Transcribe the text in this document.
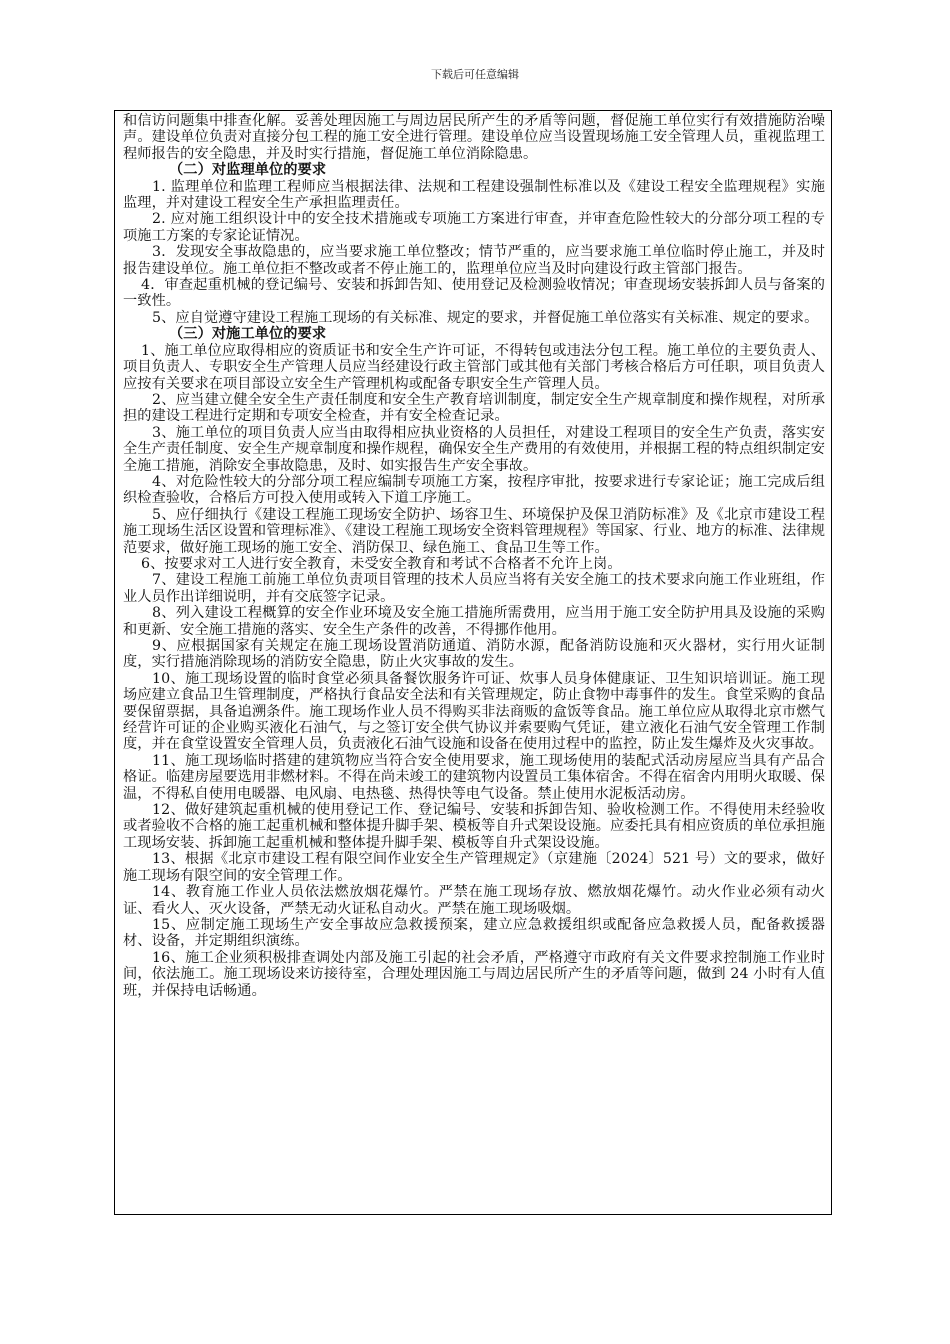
下载后可任意编辑

和信访问题集中排查化解。妥善处理因施工与周边居民所产生的矛盾等问题，督促施工单位实行有效措施防治噪声。建设单位负责对直接分包工程的施工安全进行管理。建设单位应当设置现场施工安全管理人员，重视监理工程师报告的安全隐患，并及时实行措施，督促施工单位消除隐患。

（二）对监理单位的要求

1. 监理单位和监理工程师应当根据法律、法规和工程建设强制性标准以及《建设工程安全监理规程》实施监理，并对建设工程安全生产承担监理责任。

2. 应对施工组织设计中的安全技术措施或专项施工方案进行审查，并审查危险性较大的分部分项工程的专项施工方案的专家论证情况。

3．发现安全事故隐患的，应当要求施工单位整改；情节严重的，应当要求施工单位临时停止施工，并及时报告建设单位。施工单位拒不整改或者不停止施工的，监理单位应当及时向建设行政主管部门报告。

4．审查起重机械的登记编号、安装和拆卸告知、使用登记及检测验收情况；审查现场安装拆卸人员与备案的一致性。

5、应自觉遵守建设工程施工现场的有关标准、规定的要求，并督促施工单位落实有关标准、规定的要求。

（三）对施工单位的要求

1、施工单位应取得相应的资质证书和安全生产许可证，不得转包或违法分包工程。施工单位的主要负责人、项目负责人、专职安全生产管理人员应当经建设行政主管部门或其他有关部门考核合格后方可任职，项目负责人应按有关要求在项目部设立安全生产管理机构或配备专职安全生产管理人员。

2、应当建立健全安全生产责任制度和安全生产教育培训制度，制定安全生产规章制度和操作规程，对所承担的建设工程进行定期和专项安全检查，并有安全检查记录。

3、施工单位的项目负责人应当由取得相应执业资格的人员担任，对建设工程项目的安全生产负责，落实安全生产责任制度、安全生产规章制度和操作规程，确保安全生产费用的有效使用，并根据工程的特点组织制定安全施工措施，消除安全事故隐患，及时、如实报告生产安全事故。

4、对危险性较大的分部分项工程应编制专项施工方案，按程序审批，按要求进行专家论证；施工完成后组织检查验收，合格后方可投入使用或转入下道工序施工。

5、应仔细执行《建设工程施工现场安全防护、场容卫生、环境保护及保卫消防标准》及《北京市建设工程施工现场生活区设置和管理标准》、《建设工程施工现场安全资料管理规程》等国家、行业、地方的标准、法律规范要求，做好施工现场的施工安全、消防保卫、绿色施工、食品卫生等工作。

6、按要求对工人进行安全教育，未受安全教育和考试不合格者不允许上岗。

7、建设工程施工前施工单位负责项目管理的技术人员应当将有关安全施工的技术要求向施工作业班组，作业人员作出详细说明，并有交底签字记录。

8、列入建设工程概算的安全作业环境及安全施工措施所需费用，应当用于施工安全防护用具及设施的采购和更新、安全施工措施的落实、安全生产条件的改善，不得挪作他用。

9、应根据国家有关规定在施工现场设置消防通道、消防水源，配备消防设施和灭火器材，实行用火证制度，实行措施消除现场的消防安全隐患，防止火灾事故的发生。

10、施工现场设置的临时食堂必须具备餐饮服务许可证、炊事人员身体健康证、卫生知识培训证。施工现场应建立食品卫生管理制度，严格执行食品安全法和有关管理规定，防止食物中毒事件的发生。食堂采购的食品要保留票据，具备追溯条件。施工现场作业人员不得购买非法商贩的盒饭等食品。施工单位应从取得北京市燃气经营许可证的企业购买液化石油气，与之签订安全供气协议并索要购气凭证，建立液化石油气安全管理工作制度，并在食堂设置安全管理人员，负责液化石油气设施和设备在使用过程中的监控，防止发生爆炸及火灾事故。

11、施工现场临时搭建的建筑物应当符合安全使用要求，施工现场使用的装配式活动房屋应当具有产品合格证。临建房屋要选用非燃材料。不得在尚未竣工的建筑物内设置员工集体宿舍。不得在宿舍内用明火取暖、保温，不得私自使用电暖器、电风扇、电热毯、热得快等电气设备。禁止使用水泥板活动房。

12、做好建筑起重机械的使用登记工作、登记编号、安装和拆卸告知、验收检测工作。不得使用未经验收或者验收不合格的施工起重机械和整体提升脚手架、模板等自升式架设设施。应委托具有相应资质的单位承担施工现场安装、拆卸施工起重机械和整体提升脚手架、模板等自升式架设设施。

13、根据《北京市建设工程有限空间作业安全生产管理规定》（京建施〔2024〕521 号）文的要求，做好施工现场有限空间的安全管理工作。

14、教育施工作业人员依法燃放烟花爆竹。严禁在施工现场存放、燃放烟花爆竹。动火作业必须有动火证、看火人、灭火设备，严禁无动火证私自动火。严禁在施工现场吸烟。

15、应制定施工现场生产安全事故应急救援预案，建立应急救援组织或配备应急救援人员，配备救援器材、设备，并定期组织演练。

16、施工企业须积极排查调处内部及施工引起的社会矛盾，严格遵守市政府有关文件要求控制施工作业时间，依法施工。施工现场设来访接待室，合理处理因施工与周边居民所产生的矛盾等问题，做到 24 小时有人值班，并保持电话畅通。
